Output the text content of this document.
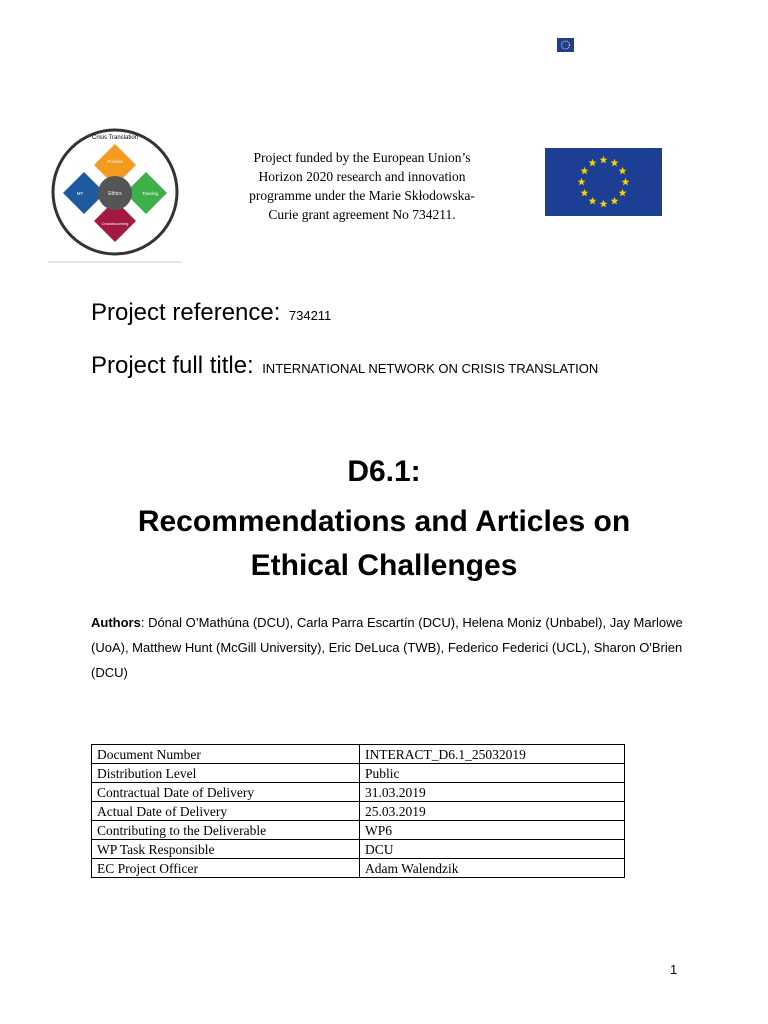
Crisis Translation
Ethics
Policies
Training
Crowdsourcing
MT
Project funded by the European Union’s
Horizon 2020 research and innovation
programme under the Marie Skłodowska-
Curie grant agreement No 734211.
Project reference: 734211
Project full title: INTERNATIONAL NETWORK ON CRISIS TRANSLATION
D6.1:
Recommendations and Articles on
Ethical Challenges
Authors: Dónal O’Mathúna (DCU), Carla Parra Escartín (DCU), Helena Moniz (Unbabel), Jay Marlowe (UoA), Matthew Hunt (McGill University), Eric DeLuca (TWB), Federico Federici (UCL), Sharon O'Brien (DCU)
Document Number	INTERACT_D6.1_25032019
Distribution Level	Public
Contractual Date of Delivery	31.03.2019
Actual Date of Delivery	25.03.2019
Contributing to the Deliverable	WP6
WP Task Responsible	DCU
EC Project Officer	Adam Walendzik
1
